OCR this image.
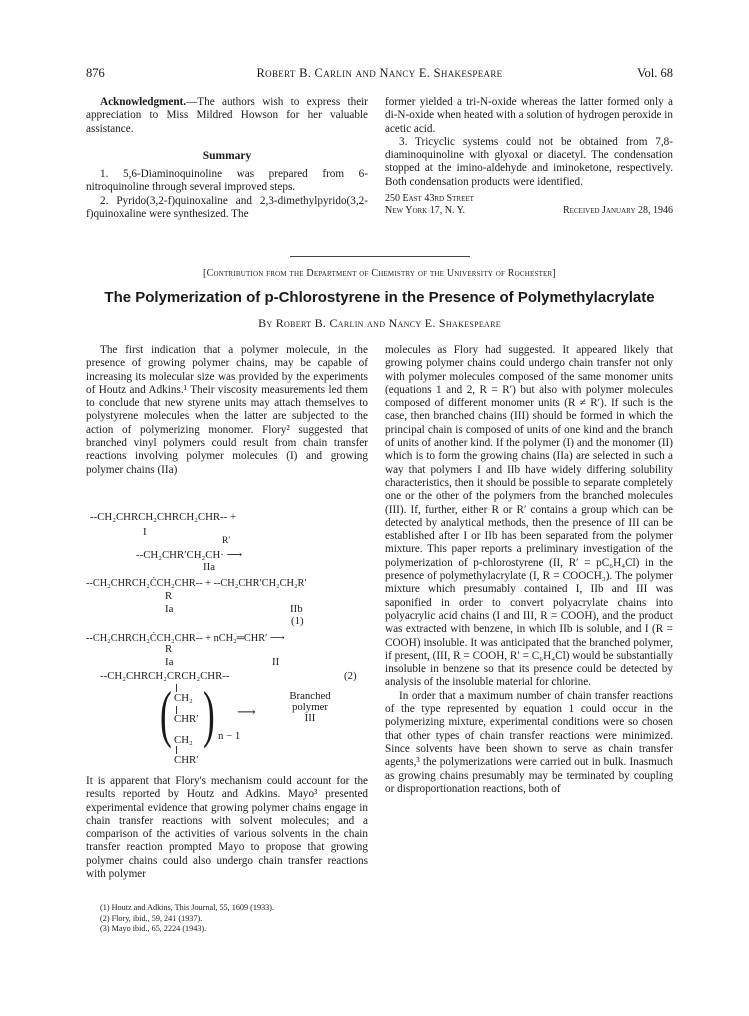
876	Robert B. Carlin and Nancy E. Shakespeare	Vol. 68

Acknowledgment.—The authors wish to express their appreciation to Miss Mildred Howson for her valuable assistance.

Summary

1. 5,6-Diaminoquinoline was prepared from 6-nitroquinoline through several improved steps.

2. Pyrido(3,2-f)quinoxaline and 2,3-dimethylpyrido(3,2-f)quinoxaline were synthesized. The

former yielded a tri-N-oxide whereas the latter formed only a di-N-oxide when heated with a solution of hydrogen peroxide in acetic acid.

3. Tricyclic systems could not be obtained from 7,8-diaminoquinoline with glyoxal or diacetyl. The condensation stopped at the imino-aldehyde and iminoketone, respectively. Both condensation products were identified.

250 East 43rd Street
New York 17, N. Y.	Received January 28, 1946
[Contribution from the Department of Chemistry of the University of Rochester]
The Polymerization of p-Chlorostyrene in the Presence of Polymethylacrylate
By Robert B. Carlin and Nancy E. Shakespeare

The first indication that a polymer molecule, in the presence of growing polymer chains, may be capable of increasing its molecular size was provided by the experiments of Houtz and Adkins.¹ Their viscosity measurements led them to conclude that new styrene units may attach themselves to polystyrene molecules when the latter are subjected to the action of polymerizing monomer. Flory² suggested that branched vinyl polymers could result from chain transfer reactions involving polymer molecules (I) and growing polymer chains (IIa)

--CH₂CHRCH₂CHRCH₂CHR-- +
I
R′
--CH₂CHR′CH₂CH· ⟶
IIa
--CH₂CHRCH₂ĊCH₂CHR-- + --CH₂CHR′CH₂CH₂R′
R
Ia	IIb
(1)
--CH₂CHRCH₂ĊCH₂CHR-- + nCH₂═CHR′ ⟶
R
Ia	II
--CH₂CHRCH₂CRCH₂CHR--	(2)
( CH₂
CHR′ ) n − 1
⟶
Branched
polymer
III
CH₂
CHR′

It is apparent that Flory's mechanism could account for the results reported by Houtz and Adkins. Mayo³ presented experimental evidence that growing polymer chains engage in chain transfer reactions with solvent molecules; and a comparison of the activities of various solvents in the chain transfer reaction prompted Mayo to propose that growing polymer chains could also undergo chain transfer reactions with polymer

(1) Houtz and Adkins, This Journal, 55, 1609 (1933).

(2) Flory, ibid., 59, 241 (1937).

(3) Mayo ibid., 65, 2224 (1943).

molecules as Flory had suggested. It appeared likely that growing polymer chains could undergo chain transfer not only with polymer molecules composed of the same monomer units (equations 1 and 2, R = R′) but also with polymer molecules composed of different monomer units (R ≠ R′). If such is the case, then branched chains (III) should be formed in which the principal chain is composed of units of one kind and the branch of units of another kind. If the polymer (I) and the monomer (II) which is to form the growing chains (IIa) are selected in such a way that polymers I and IIb have widely differing solubility characteristics, then it should be possible to separate completely one or the other of the polymers from the branched molecules (III). If, further, either R or R′ contains a group which can be detected by analytical methods, then the presence of III can be established after I or IIb has been separated from the polymer mixture. This paper reports a preliminary investigation of the polymerization of p-chlorostyrene (II, R′ = pC₆H₄Cl) in the presence of polymethylacrylate (I, R = COOCH₃). The polymer mixture which presumably contained I, IIb and III was saponified in order to convert polyacrylate chains into polyacrylic acid chains (I and III, R = COOH), and the product was extracted with benzene, in which IIb is soluble, and I (R = COOH) insoluble. It was anticipated that the branched polymer, if present, (III, R = COOH, R′ = C₆H₄Cl) would be substantially insoluble in benzene so that its presence could be detected by analysis of the insoluble material for chlorine.

In order that a maximum number of chain transfer reactions of the type represented by equation 1 could occur in the polymerizing mixture, experimental conditions were so chosen that other types of chain transfer reactions were minimized. Since solvents have been shown to serve as chain transfer agents,³ the polymerizations were carried out in bulk. Inasmuch as growing chains presumably may be terminated by coupling or disproportionation reactions, both of
